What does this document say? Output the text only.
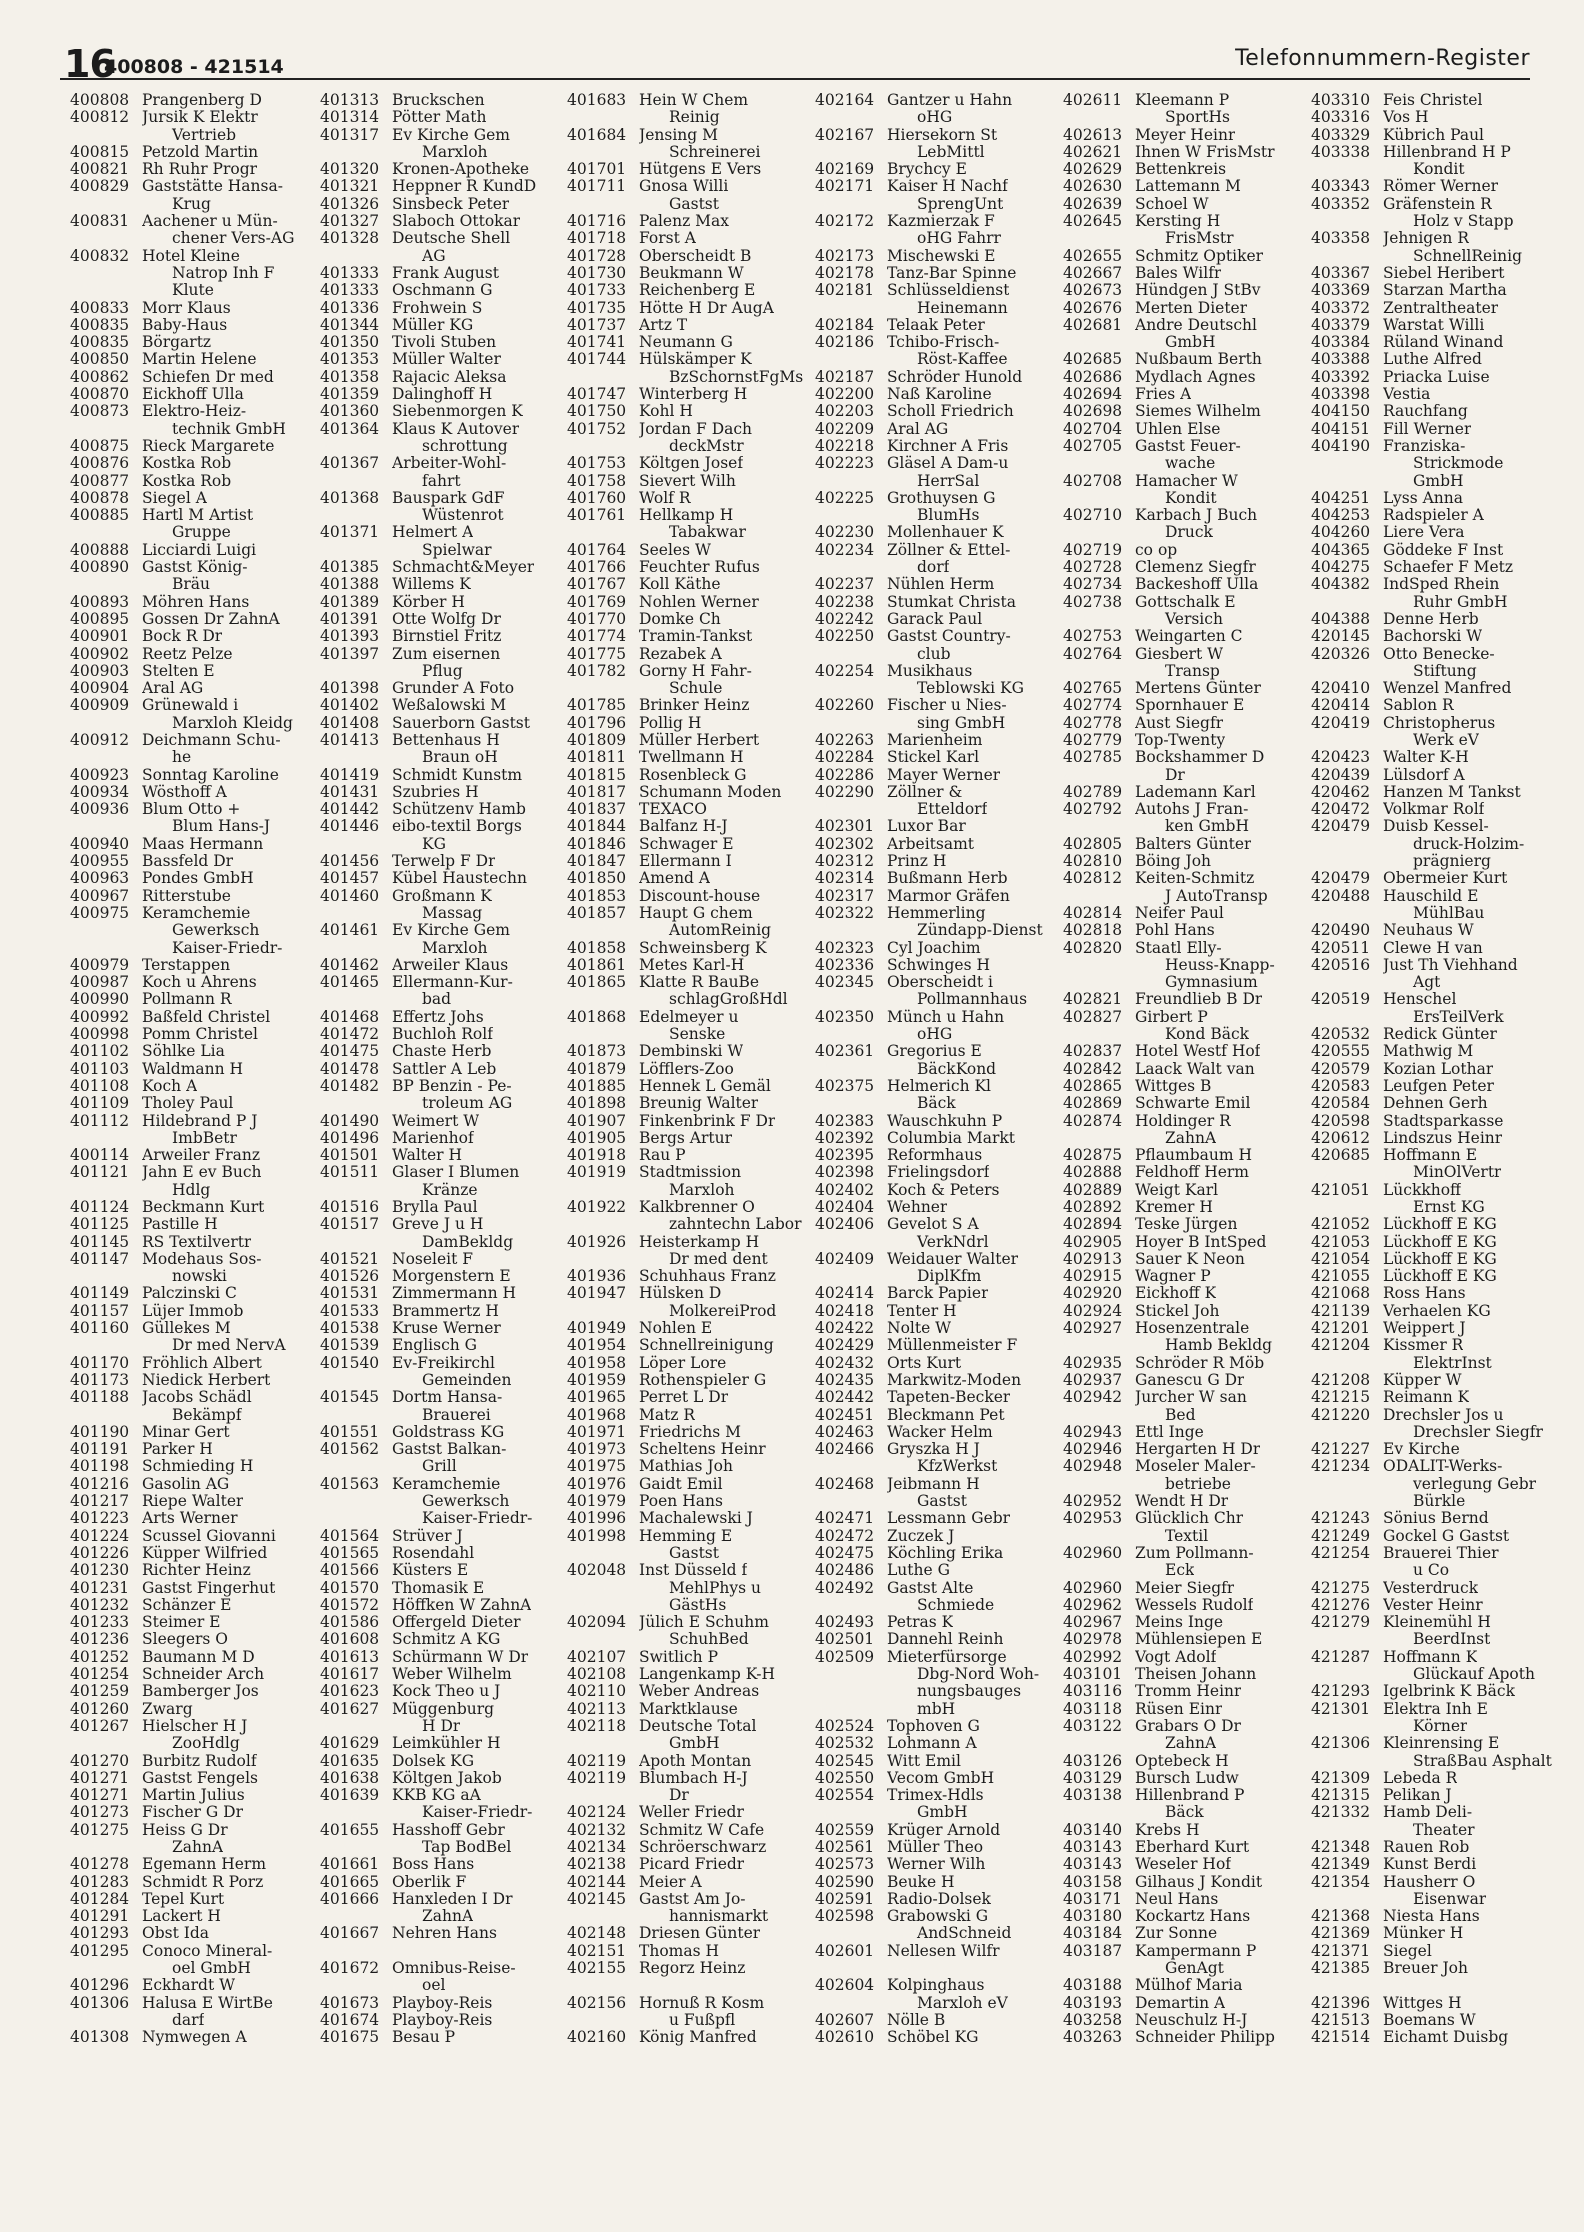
16
400808 - 421514	Telefonnummern-Register
400808 Prangenberg D
400812 Jursik K Elektr
Vertrieb
400815 Petzold Martin
400821 Rh Ruhr Progr
400829 Gaststätte Hansa-
Krug
400831 Aachener u Mün-
chener Vers-AG
400832 Hotel Kleine
Natrop Inh F
Klute
400833 Morr Klaus
400835 Baby-Haus
400835 Börgartz
400850 Martin Helene
400862 Schiefen Dr med
400870 Eickhoff Ulla
400873 Elektro-Heiz-
technik GmbH
400875 Rieck Margarete
400876 Kostka Rob
400877 Kostka Rob
400878 Siegel A
400885 Hartl M Artist
Gruppe
400888 Licciardi Luigi
400890 Gastst König-
Bräu
400893 Möhren Hans
400895 Gossen Dr ZahnA
400901 Bock R Dr
400902 Reetz Pelze
400903 Stelten E
400904 Aral AG
400909 Grünewald i
Marxloh Kleidg
400912 Deichmann Schu-
he
400923 Sonntag Karoline
400934 Wösthoff A
400936 Blum Otto +
Blum Hans-J
400940 Maas Hermann
400955 Bassfeld Dr
400963 Pondes GmbH
400967 Ritterstube
400975 Keramchemie
Gewerksch
Kaiser-Friedr-
400979 Terstappen
400987 Koch u Ahrens
400990 Pollmann R
400992 Baßfeld Christel
400998 Pomm Christel
401102 Söhlke Lia
401103 Waldmann H
401108 Koch A
401109 Tholey Paul
401112 Hildebrand P J
ImbBetr
400114 Arweiler Franz
401121 Jahn E ev Buch
Hdlg
401124 Beckmann Kurt
401125 Pastille H
401145 RS Textilvertr
401147 Modehaus Sos-
nowski
401149 Palczinski C
401157 Lüjer Immob
401160 Güllekes M
Dr med NervA
401170 Fröhlich Albert
401173 Niedick Herbert
401188 Jacobs Schädl
Bekämpf
401190 Minar Gert
401191 Parker H
401198 Schmieding H
401216 Gasolin AG
401217 Riepe Walter
401223 Arts Werner
401224 Scussel Giovanni
401226 Küpper Wilfried
401230 Richter Heinz
401231 Gastst Fingerhut
401232 Schänzer E
401233 Steimer E
401236 Sleegers O
401252 Baumann M D
401254 Schneider Arch
401259 Bamberger Jos
401260 Zwarg
401267 Hielscher H J
ZooHdlg
401270 Burbitz Rudolf
401271 Gastst Fengels
401271 Martin Julius
401273 Fischer G Dr
401275 Heiss G Dr
ZahnA
401278 Egemann Herm
401283 Schmidt R Porz
401284 Tepel Kurt
401291 Lackert H
401293 Obst Ida
401295 Conoco Mineral-
oel GmbH
401296 Eckhardt W
401306 Halusa E WirtBe
darf
401308 Nymwegen A
401313 Bruckschen
401314 Pötter Math
401317 Ev Kirche Gem
Marxloh
401320 Kronen-Apotheke
401321 Heppner R KundD
401326 Sinsbeck Peter
401327 Slaboch Ottokar
401328 Deutsche Shell
AG
401333 Frank August
401333 Oschmann G
401336 Frohwein S
401344 Müller KG
401350 Tivoli Stuben
401353 Müller Walter
401358 Rajacic Aleksa
401359 Dalinghoff H
401360 Siebenmorgen K
401364 Klaus K Autover
schrottung
401367 Arbeiter-Wohl-
fahrt
401368 Bauspark GdF
Wüstenrot
401371 Helmert A
Spielwar
401385 Schmacht&Meyer
401388 Willems K
401389 Körber H
401391 Otte Wolfg Dr
401393 Birnstiel Fritz
401397 Zum eisernen
Pflug
401398 Grunder A Foto
401402 Weßalowski M
401408 Sauerborn Gastst
401413 Bettenhaus H
Braun oH
401419 Schmidt Kunstm
401431 Szubries H
401442 Schützenv Hamb
401446 eibo-textil Borgs
KG
401456 Terwelp F Dr
401457 Kübel Haustechn
401460 Großmann K
Massag
401461 Ev Kirche Gem
Marxloh
401462 Arweiler Klaus
401465 Ellermann-Kur-
bad
401468 Effertz Johs
401472 Buchloh Rolf
401475 Chaste Herb
401478 Sattler A Leb
401482 BP Benzin - Pe-
troleum AG
401490 Weimert W
401496 Marienhof
401501 Walter H
401511 Glaser I Blumen
Kränze
401516 Brylla Paul
401517 Greve J u H
DamBekldg
401521 Noseleit F
401526 Morgenstern E
401531 Zimmermann H
401533 Brammertz H
401538 Kruse Werner
401539 Englisch G
401540 Ev-Freikirchl
Gemeinden
401545 Dortm Hansa-
Brauerei
401551 Goldstrass KG
401562 Gastst Balkan-
Grill
401563 Keramchemie
Gewerksch
Kaiser-Friedr-
401564 Strüver J
401565 Rosendahl
401566 Küsters E
401570 Thomasik E
401572 Höffken W ZahnA
401586 Offergeld Dieter
401608 Schmitz A KG
401613 Schürmann W Dr
401617 Weber Wilhelm
401623 Kock Theo u J
401627 Müggenburg
H Dr
401629 Leimkühler H
401635 Dolsek KG
401638 Költgen Jakob
401639 KKB KG aA
Kaiser-Friedr-
401655 Hasshoff Gebr
Tap BodBel
401661 Boss Hans
401665 Oberlik F
401666 Hanxleden I Dr
ZahnA
401667 Nehren Hans

401672 Omnibus-Reise-
oel
401673 Playboy-Reis
401674 Playboy-Reis
401675 Besau P
401683 Hein W Chem
Reinig
401684 Jensing M
Schreinerei
401701 Hütgens E Vers
401711 Gnosa Willi
Gastst
401716 Palenz Max
401718 Forst A
401728 Oberscheidt B
401730 Beukmann W
401733 Reichenberg E
401735 Hötte H Dr AugA
401737 Artz T
401741 Neumann G
401744 Hülskämper K
BzSchornstFgMs
401747 Winterberg H
401750 Kohl H
401752 Jordan F Dach
deckMstr
401753 Költgen Josef
401758 Sievert Wilh
401760 Wolf R
401761 Hellkamp H
Tabakwar
401764 Seeles W
401766 Feuchter Rufus
401767 Koll Käthe
401769 Nohlen Werner
401770 Domke Ch
401774 Tramin-Tankst
401775 Rezabek A
401782 Gorny H Fahr-
Schule
401785 Brinker Heinz
401796 Pollig H
401809 Müller Herbert
401811 Twellmann H
401815 Rosenbleck G
401817 Schumann Moden
401837 TEXACO
401844 Balfanz H-J
401846 Schwager E
401847 Ellermann I
401850 Amend A
401853 Discount-house
401857 Haupt G chem
AutomReinig
401858 Schweinsberg K
401861 Metes Karl-H
401865 Klatte R BauBe
schlagGroßHdl
401868 Edelmeyer u
Senske
401873 Dembinski W
401879 Löfflers-Zoo
401885 Hennek L Gemäl
401898 Breunig Walter
401907 Finkenbrink F Dr
401905 Bergs Artur
401918 Rau P
401919 Stadtmission
Marxloh
401922 Kalkbrenner O
zahntechn Labor
401926 Heisterkamp H
Dr med dent
401936 Schuhhaus Franz
401947 Hülsken D
MolkereiProd
401949 Nohlen E
401954 Schnellreinigung
401958 Löper Lore
401959 Rothenspieler G
401965 Perret L Dr
401968 Matz R
401971 Friedrichs M
401973 Scheltens Heinr
401975 Mathias Joh
401976 Gaidt Emil
401979 Poen Hans
401996 Machalewski J
401998 Hemming E
Gastst
402048 Inst Düsseld f
MehlPhys u
GästHs
402094 Jülich E Schuhm
SchuhBed
402107 Switlich P
402108 Langenkamp K-H
402110 Weber Andreas
402113 Marktklause
402118 Deutsche Total
GmbH
402119 Apoth Montan
402119 Blumbach H-J
Dr
402124 Weller Friedr
402132 Schmitz W Cafe
402134 Schröerschwarz
402138 Picard Friedr
402144 Meier A
402145 Gastst Am Jo-
hannismarkt
402148 Driesen Günter
402151 Thomas H
402155 Regorz Heinz

402156 Hornuß R Kosm
u Fußpfl
402160 König Manfred
402164 Gantzer u Hahn
oHG
402167 Hiersekorn St
LebMittl
402169 Brychcy E
402171 Kaiser H Nachf
SprengUnt
402172 Kazmierzak F
oHG Fahrr
402173 Mischewski E
402178 Tanz-Bar Spinne
402181 Schlüsseldienst
Heinemann
402184 Telaak Peter
402186 Tchibo-Frisch-
Röst-Kaffee
402187 Schröder Hunold
402200 Naß Karoline
402203 Scholl Friedrich
402209 Aral AG
402218 Kirchner A Fris
402223 Gläsel A Dam-u
HerrSal
402225 Grothuysen G
BlumHs
402230 Mollenhauer K
402234 Zöllner & Ettel-
dorf
402237 Nühlen Herm
402238 Stumkat Christa
402242 Garack Paul
402250 Gastst Country-
club
402254 Musikhaus
Teblowski KG
402260 Fischer u Nies-
sing GmbH
402263 Marienheim
402284 Stickel Karl
402286 Mayer Werner
402290 Zöllner &
Etteldorf
402301 Luxor Bar
402302 Arbeitsamt
402312 Prinz H
402314 Bußmann Herb
402317 Marmor Gräfen
402322 Hemmerling
Zündapp-Dienst
402323 Cyl Joachim
402336 Schwinges H
402345 Oberscheidt i
Pollmannhaus
402350 Münch u Hahn
oHG
402361 Gregorius E
BäckKond
402375 Helmerich Kl
Bäck
402383 Wauschkuhn P
402392 Columbia Markt
402395 Reformhaus
402398 Frielingsdorf
402402 Koch & Peters
402404 Wehner
402406 Gevelot S A
VerkNdrl
402409 Weidauer Walter
DiplKfm
402414 Barck Papier
402418 Tenter H
402422 Nolte W
402429 Müllenmeister F
402432 Orts Kurt
402435 Markwitz-Moden
402442 Tapeten-Becker
402451 Bleckmann Pet
402463 Wacker Helm
402466 Gryszka H J
KfzWerkst
402468 Jeibmann H
Gastst
402471 Lessmann Gebr
402472 Zuczek J
402475 Köchling Erika
402486 Luthe G
402492 Gastst Alte
Schmiede
402493 Petras K
402501 Dannehl Reinh
402509 Mieterfürsorge
Dbg-Nord Woh-
nungsbauges
mbH
402524 Tophoven G
402532 Lohmann A
402545 Witt Emil
402550 Vecom GmbH
402554 Trimex-Hdls
GmbH
402559 Krüger Arnold
402561 Müller Theo
402573 Werner Wilh
402590 Beuke H
402591 Radio-Dolsek
402598 Grabowski G
ÄndSchneid
402601 Nellesen Wilfr

402604 Kolpinghaus
Marxloh eV
402607 Nölle B
402610 Schöbel KG
402611 Kleemann P
SportHs
402613 Meyer Heinr
402621 Ihnen W FrisMstr
402629 Bettenkreis
402630 Lattemann M
402639 Schoel W
402645 Kersting H
FrisMstr
402655 Schmitz Optiker
402667 Bales Wilfr
402673 Hündgen J StBv
402676 Merten Dieter
402681 Andre Deutschl
GmbH
402685 Nußbaum Berth
402686 Mydlach Agnes
402694 Fries A
402698 Siemes Wilhelm
402704 Uhlen Else
402705 Gastst Feuer-
wache
402708 Hamacher W
Kondit
402710 Karbach J Buch
Druck
402719 co op
402728 Clemenz Siegfr
402734 Backeshoff Ulla
402738 Gottschalk E
Versich
402753 Weingarten C
402764 Giesbert W
Transp
402765 Mertens Günter
402774 Spornhauer E
402778 Aust Siegfr
402779 Top-Twenty
402785 Bockshammer D
Dr
402789 Lademann Karl
402792 Autohs J Fran-
ken GmbH
402805 Balters Günter
402810 Böing Joh
402812 Keiten-Schmitz
J AutoTransp
402814 Neifer Paul
402818 Pohl Hans
402820 Staatl Elly-
Heuss-Knapp-
Gymnasium
402821 Freundlieb B Dr
402827 Girbert P
Kond Bäck
402837 Hotel Westf Hof
402842 Laack Walt van
402865 Wittges B
402869 Schwarte Emil
402874 Holdinger R
ZahnA
402875 Pflaumbaum H
402888 Feldhoff Herm
402889 Weigt Karl
402892 Kremer H
402894 Teske Jürgen
402905 Hoyer B IntSped
402913 Sauer K Neon
402915 Wagner P
402920 Eickhoff K
402924 Stickel Joh
402927 Hosenzentrale
Hamb Bekldg
402935 Schröder R Möb
402937 Ganescu G Dr
402942 Jurcher W san
Bed
402943 Ettl Inge
402946 Hergarten H Dr
402948 Moseler Maler-
betriebe
402952 Wendt H Dr
402953 Glücklich Chr
Textil
402960 Zum Pollmann-
Eck
402960 Meier Siegfr
402962 Wessels Rudolf
402967 Meins Inge
402978 Mühlensiepen E
402992 Vogt Adolf
403101 Theisen Johann
403116 Tromm Heinr
403118 Rüsen Einr
403122 Grabars O Dr
ZahnA
403126 Optebeck H
403129 Bursch Ludw
403138 Hillenbrand P
Bäck
403140 Krebs H
403143 Eberhard Kurt
403143 Weseler Hof
403158 Gilhaus J Kondit
403171 Neul Hans
403180 Kockartz Hans
403184 Zur Sonne
403187 Kampermann P
GenAgt
403188 Mülhof Maria
403193 Demartin A
403258 Neuschulz H-J
403263 Schneider Philipp
403310 Feis Christel
403316 Vos H
403329 Kübrich Paul
403338 Hillenbrand H P
Kondit
403343 Römer Werner
403352 Gräfenstein R
Holz v Stapp
403358 Jehnigen R
SchnellReinig
403367 Siebel Heribert
403369 Starzan Martha
403372 Zentraltheater
403379 Warstat Willi
403384 Rüland Winand
403388 Luthe Alfred
403392 Priacka Luise
403398 Vestia
404150 Rauchfang
404151 Fill Werner
404190 Franziska-
Strickmode
GmbH
404251 Lyss Anna
404253 Radspieler A
404260 Liere Vera
404365 Göddeke F Inst
404275 Schaefer F Metz
404382 IndSped Rhein
Ruhr GmbH
404388 Denne Herb
420145 Bachorski W
420326 Otto Benecke-
Stiftung
420410 Wenzel Manfred
420414 Sablon R
420419 Christopherus
Werk eV
420423 Walter K-H
420439 Lülsdorf A
420462 Hanzen M Tankst
420472 Volkmar Rolf
420479 Duisb Kessel-
druck-Holzim-
prägnierg
420479 Obermeier Kurt
420488 Hauschild E
MühlBau
420490 Neuhaus W
420511 Clewe H van
420516 Just Th Viehhand
Agt
420519 Henschel
ErsTeilVerk
420532 Redick Günter
420555 Mathwig M
420579 Kozian Lothar
420583 Leufgen Peter
420584 Dehnen Gerh
420598 Stadtsparkasse
420612 Lindszus Heinr
420685 Hoffmann E
MinÖlVertr
421051 Lückkhoff
Ernst KG
421052 Lückhoff E KG
421053 Lückhoff E KG
421054 Lückhoff E KG
421055 Lückhoff E KG
421068 Ross Hans
421139 Verhaelen KG
421201 Weippert J
421204 Kissmer R
ElektrInst
421208 Küpper W
421215 Reimann K
421220 Drechsler Jos u
Drechsler Siegfr
421227 Ev Kirche
421234 ODALIT-Werks-
verlegung Gebr
Bürkle
421243 Sönius Bernd
421249 Gockel G Gastst
421254 Brauerei Thier
u Co
421275 Vesterdruck
421276 Vester Heinr
421279 Kleinemühl H
BeerdInst
421287 Hoffmann K
Glückauf Apoth
421293 Igelbrink K Bäck
421301 Elektra Inh E
Körner
421306 Kleinrensing E
StraßBau Asphalt
421309 Lebeda R
421315 Pelikan J
421332 Hamb Deli-
Theater
421348 Rauen Rob
421349 Kunst Berdi
421354 Hausherr O
Eisenwar
421368 Niesta Hans
421369 Münker H
421371 Siegel
421385 Breuer Joh

421396 Wittges H
421513 Boemans W
421514 Eichamt Duisbg
